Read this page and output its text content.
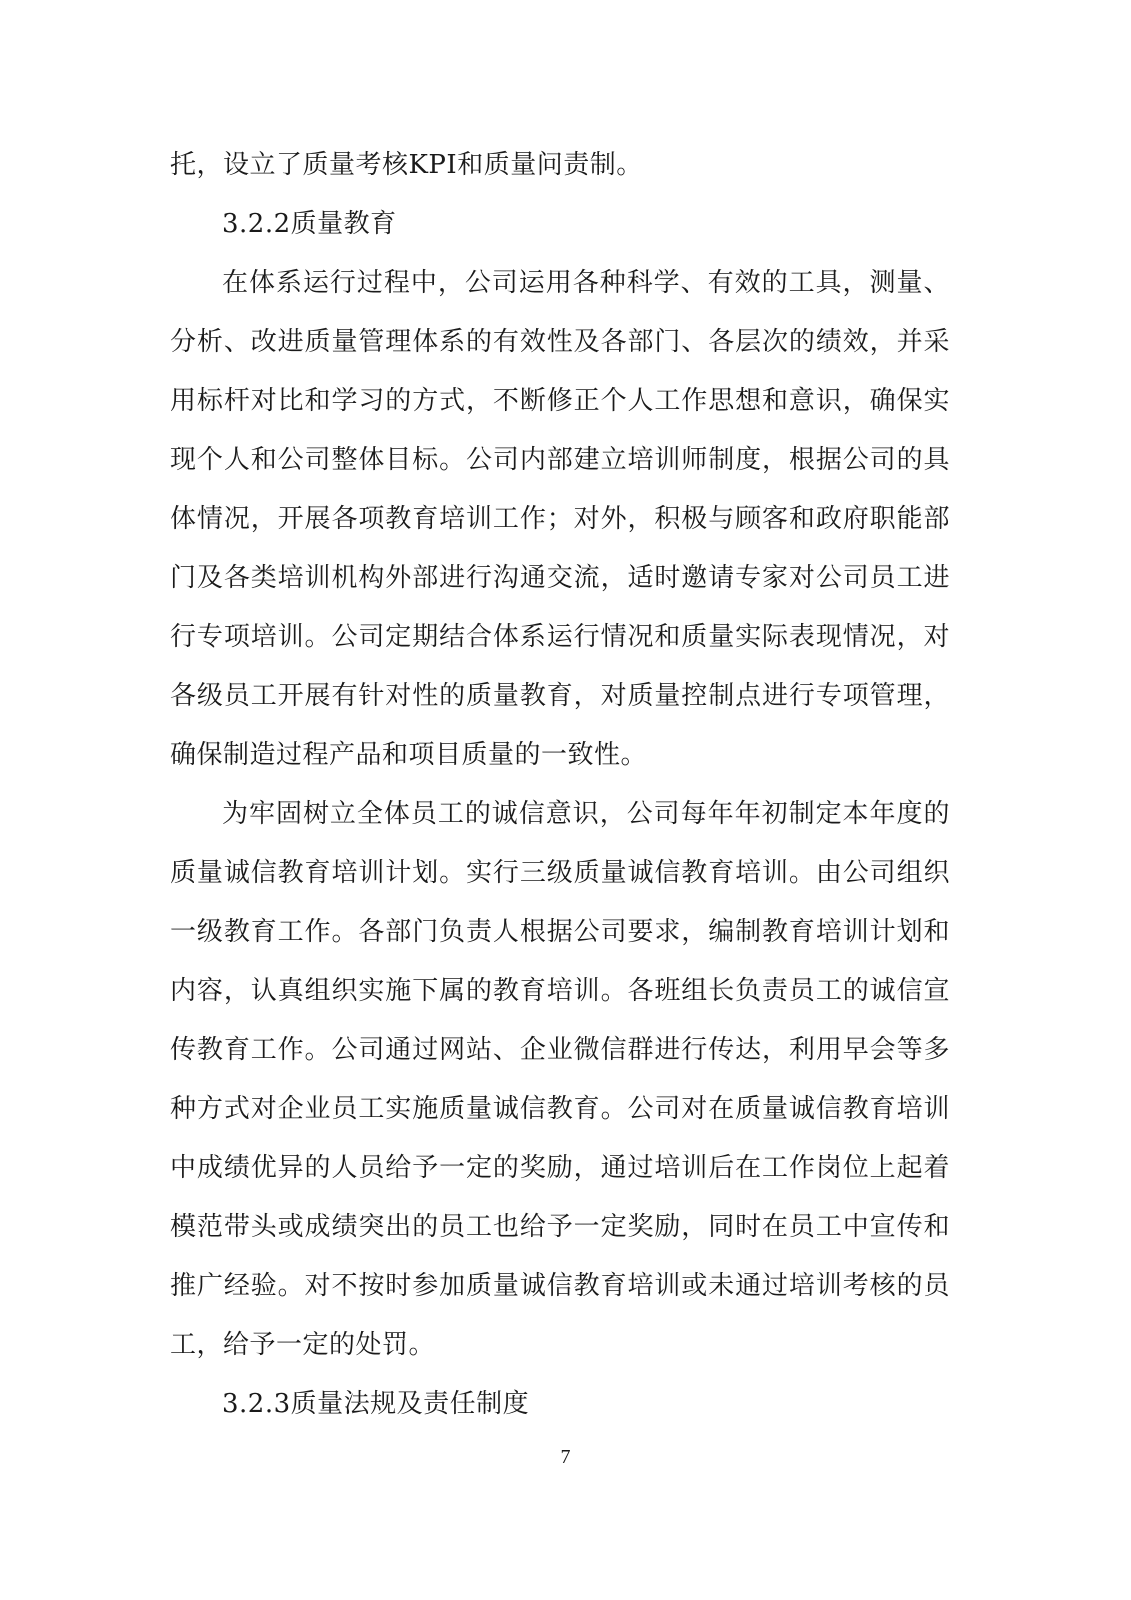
托，设立了质量考核KPI和质量问责制。

3.2.2质量教育

在体系运行过程中，公司运用各种科学、有效的工具，测量、分析、改进质量管理体系的有效性及各部门、各层次的绩效，并采用标杆对比和学习的方式，不断修正个人工作思想和意识，确保实现个人和公司整体目标。公司内部建立培训师制度，根据公司的具体情况，开展各项教育培训工作；对外，积极与顾客和政府职能部门及各类培训机构外部进行沟通交流，适时邀请专家对公司员工进行专项培训。公司定期结合体系运行情况和质量实际表现情况，对各级员工开展有针对性的质量教育，对质量控制点进行专项管理，确保制造过程产品和项目质量的一致性。

为牢固树立全体员工的诚信意识，公司每年年初制定本年度的质量诚信教育培训计划。实行三级质量诚信教育培训。由公司组织一级教育工作。各部门负责人根据公司要求，编制教育培训计划和内容，认真组织实施下属的教育培训。各班组长负责员工的诚信宣传教育工作。公司通过网站、企业微信群进行传达，利用早会等多种方式对企业员工实施质量诚信教育。公司对在质量诚信教育培训中成绩优异的人员给予一定的奖励，通过培训后在工作岗位上起着模范带头或成绩突出的员工也给予一定奖励，同时在员工中宣传和推广经验。对不按时参加质量诚信教育培训或未通过培训考核的员工，给予一定的处罚。

3.2.3质量法规及责任制度

7
